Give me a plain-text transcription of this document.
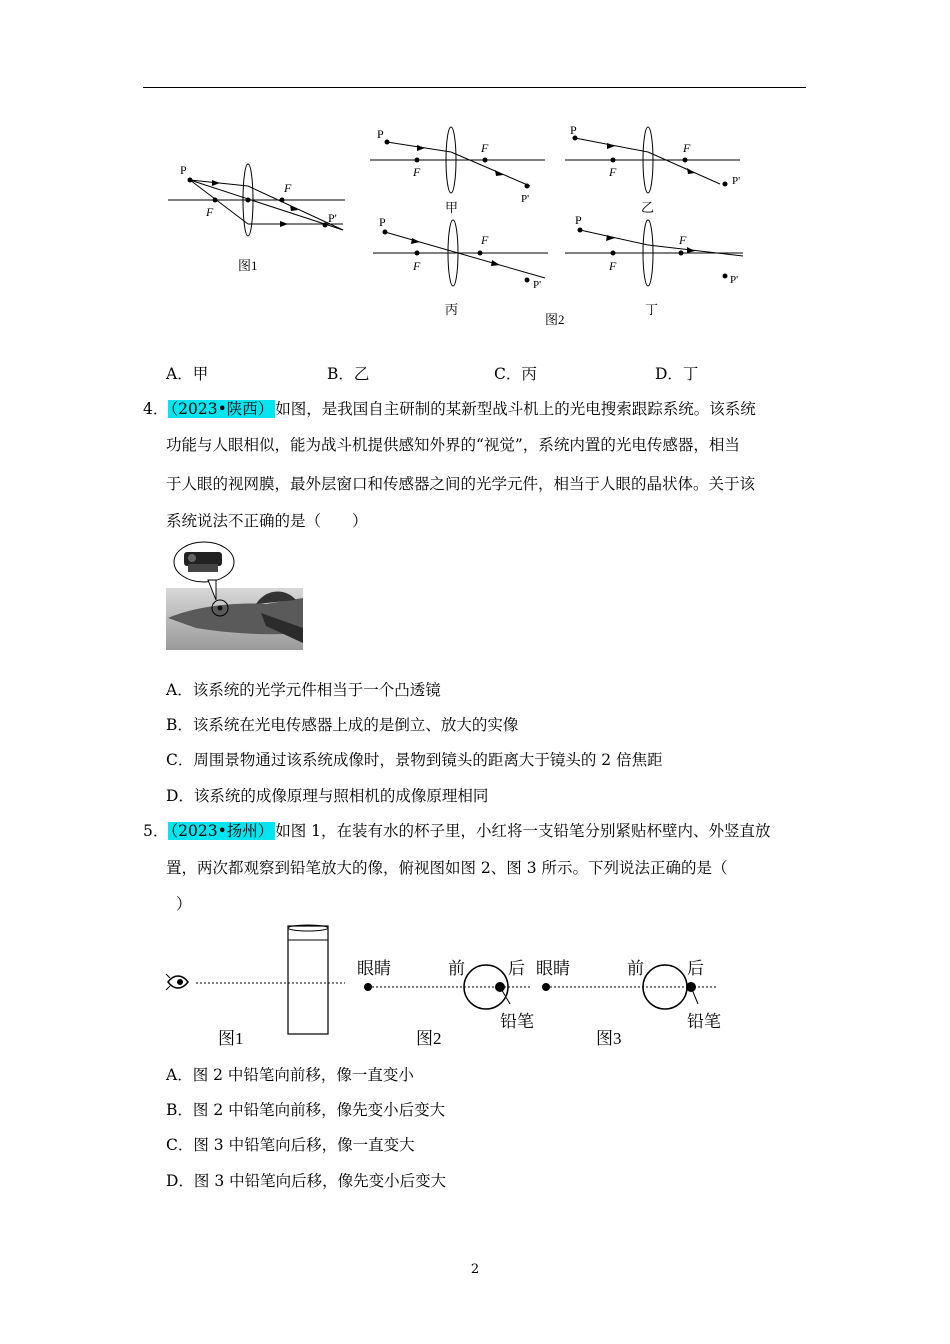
P
F
F
P'
图1
P
F
F
P'
甲
P
F
F
P'
乙
P
F
F
P'
丙
P
F
F
P'
丁
图2
A．甲	B．乙	C．丙	D．丁
4． （2023•陕西） 如图，是我国自主研制的某新型战斗机上的光电搜索跟踪系统。该系统
功能与人眼相似，能为战斗机提供感知外界的“视觉”，系统内置的光电传感器，相当
于人眼的视网膜，最外层窗口和传感器之间的光学元件，相当于人眼的晶状体。关于该
系统说法不正确的是（　　）
A．该系统的光学元件相当于一个凸透镜
B．该系统在光电传感器上成的是倒立、放大的实像
C．周围景物通过该系统成像时，景物到镜头的距离大于镜头的 2 倍焦距
D．该系统的成像原理与照相机的成像原理相同
5． （2023•扬州） 如图 1，在装有水的杯子里，小红将一支铅笔分别紧贴杯壁内、外竖直放
置，两次都观察到铅笔放大的像，俯视图如图 2、图 3 所示。下列说法正确的是（
）
图1
眼睛	前	后
铅笔
图2
眼睛	前	后
铅笔
图3
A．图 2 中铅笔向前移，像一直变小
B．图 2 中铅笔向前移，像先变小后变大
C．图 3 中铅笔向后移，像一直变大
D．图 3 中铅笔向后移，像先变小后变大
2
